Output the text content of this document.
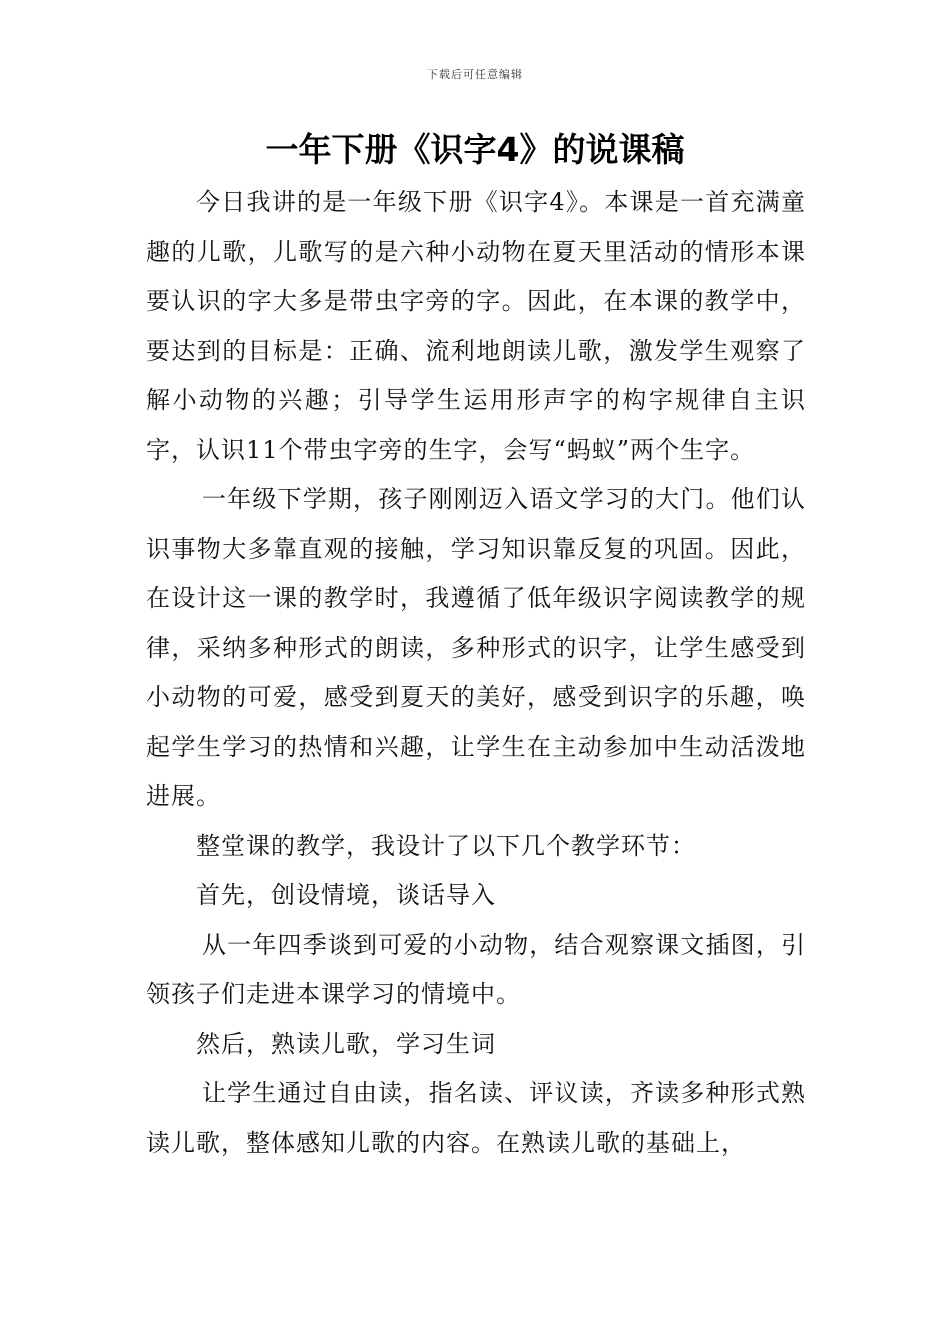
下载后可任意编辑
一年下册《识字4》的说课稿

今日我讲的是一年级下册《识字4》。本课是一首充满童趣的儿歌，儿歌写的是六种小动物在夏天里活动的情形本课要认识的字大多是带虫字旁的字。因此，在本课的教学中，要达到的目标是：正确、流利地朗读儿歌，激发学生观察了解小动物的兴趣；引导学生运用形声字的构字规律自主识字，认识11个带虫字旁的生字，会写“蚂蚁”两个生字。

一年级下学期，孩子刚刚迈入语文学习的大门。他们认识事物大多靠直观的接触，学习知识靠反复的巩固。因此，在设计这一课的教学时，我遵循了低年级识字阅读教学的规律，采纳多种形式的朗读，多种形式的识字，让学生感受到小动物的可爱，感受到夏天的美好，感受到识字的乐趣，唤起学生学习的热情和兴趣，让学生在主动参加中生动活泼地进展。

整堂课的教学，我设计了以下几个教学环节：

首先，创设情境，谈话导入

从一年四季谈到可爱的小动物，结合观察课文插图，引领孩子们走进本课学习的情境中。

然后，熟读儿歌，学习生词

让学生通过自由读，指名读、评议读，齐读多种形式熟读儿歌，整体感知儿歌的内容。在熟读儿歌的基础上，
